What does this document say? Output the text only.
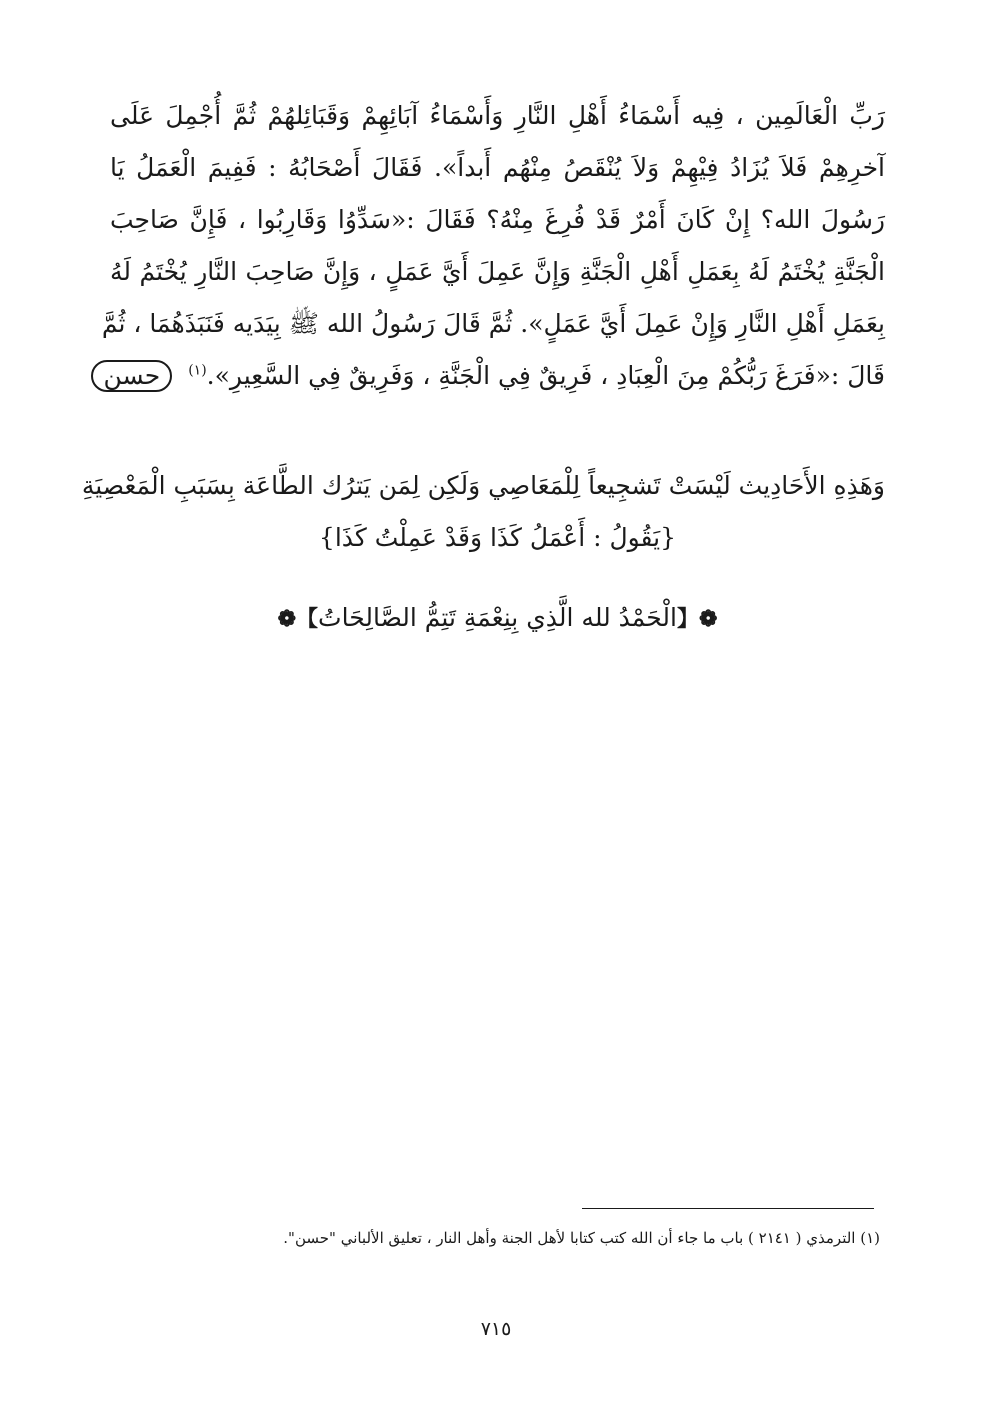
رَبِّ الْعَالَمِين ، فِيه أَسْمَاءُ أَهْلِ النَّارِ وَأَسْمَاءُ آبَائِهِمْ وَقَبَائِلهُمْ ثُمَّ أُجْمِلَ عَلَى
آخرِهِمْ فَلاَ يُزَادُ فِيْهِمْ وَلاَ يُنْقَصُ مِنْهُم أَبداً». فَقَالَ أَصْحَابُهُ : فَفِيمَ الْعَمَلُ يَا
رَسُولَ الله؟ إِنْ كَانَ أَمْرٌ قَدْ فُرِغَ مِنْهُ؟ فَقَالَ :«سَدِّوُا وَقَارِبُوا ، فَإِنَّ صَاحِبَ
الْجَنَّةِ يُخْتَمُ لَهُ بِعَمَلِ أَهْلِ الْجَنَّةِ وَإِنَّ عَمِلَ أَيَّ عَمَلٍ ، وَإِنَّ صَاحِبَ النَّارِ يُخْتَمُ لَهُ
بِعَمَلِ أَهْلِ النَّارِ وَإِنْ عَمِلَ أَيَّ عَمَلٍ». ثُمَّ قَالَ رَسُولُ الله ﷺ بِيَدَيه فَنَبَذَهُمَا ، ثُمَّ
قَالَ :«فَرَغَ رَبُّكُمْ مِنَ الْعِبَادِ ، فَرِيقٌ فِي الْجَنَّةِ ، وَفَرِيقٌ فِي السَّعِيرِ».$^{(١)}$ حسن
وَهَذِهِ الأَحَادِيث لَيْسَتْ تَشجِيعاً لِلْمَعَاصِي وَلَكِن لِمَن يَترُك الطَّاعَة بِسَبَبِ الْمَعْصِيَةِ
{يَقُولُ : أَعْمَلُ كَذَا وَقَدْ عَمِلْتُ كَذَا}
❁【الْحَمْدُ لله الَّذِي بِنِعْمَةِ تَتِمُّ الصَّالِحَاتُ】❁
(١) الترمذي ( ٢١٤١ ) باب ما جاء أن الله كتب كتابا لأهل الجنة وأهل النار ، تعليق الألباني "حسن".
٧١٥
